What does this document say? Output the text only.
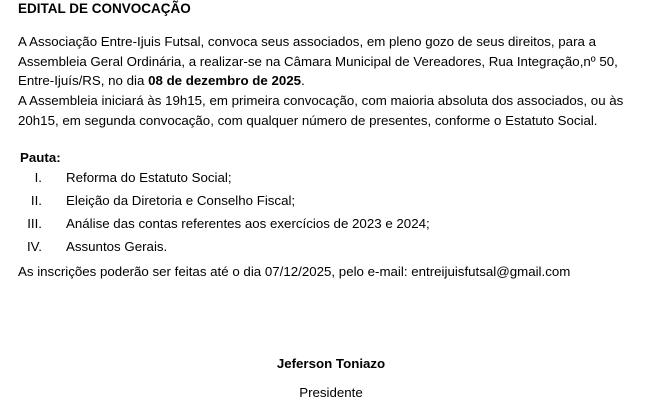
EDITAL DE CONVOCAÇÃO
A Associação Entre-Ijuis Futsal, convoca seus associados, em pleno gozo de seus direitos, para a Assembleia Geral Ordinária, a realizar-se na Câmara Municipal de Vereadores, Rua Integração,nº 50, Entre-Ijuís/RS, no dia 08 de dezembro de 2025.
A Assembleia iniciará às 19h15, em primeira convocação, com maioria absoluta dos associados, ou às 20h15, em segunda convocação, com qualquer número de presentes, conforme o Estatuto Social.
Pauta:
I. Reforma do Estatuto Social;
II. Eleição da Diretoria e Conselho Fiscal;
III. Análise das contas referentes aos exercícios de 2023 e 2024;
IV. Assuntos Gerais.
As inscrições poderão ser feitas até o dia 07/12/2025, pelo e-mail: entreijuisfutsal@gmail.com
Jeferson Toniazo
Presidente
